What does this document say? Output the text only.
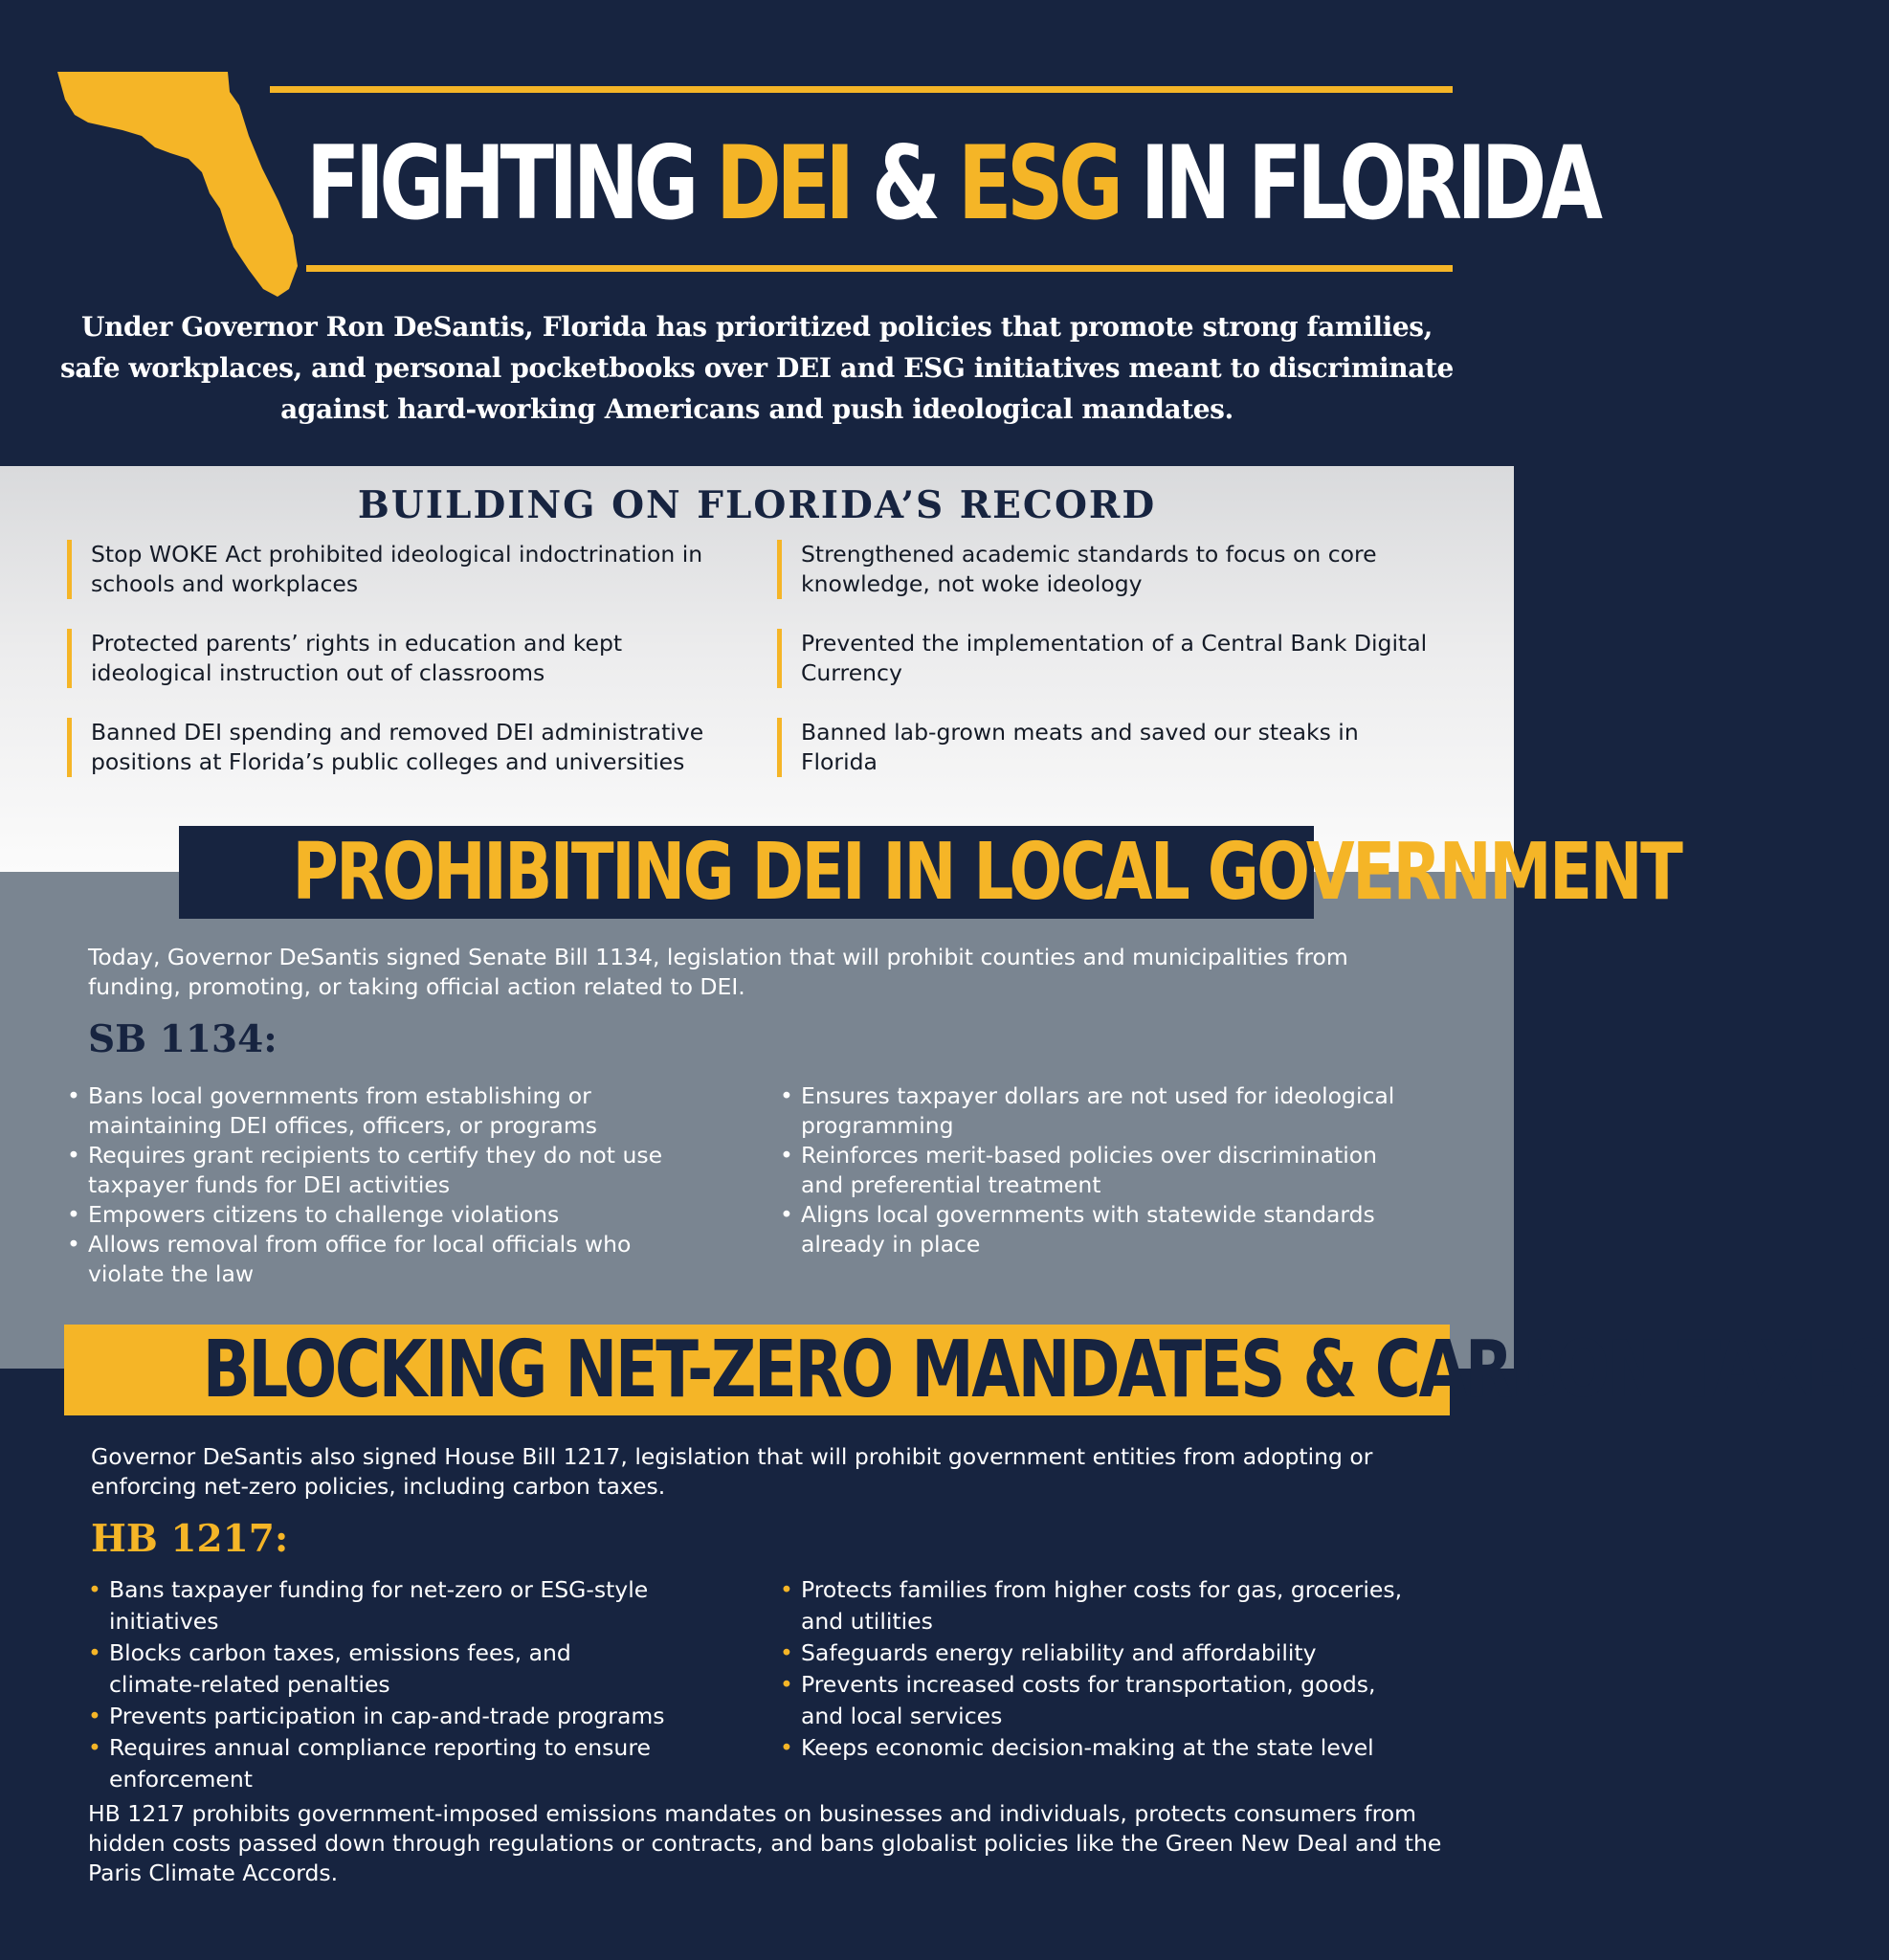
FIGHTING DEI & ESG IN FLORIDA
Under Governor Ron DeSantis, Florida has prioritized policies that promote strong families, safe workplaces, and personal pocketbooks over DEI and ESG initiatives meant to discriminate against hard-working Americans and push ideological mandates.
BUILDING ON FLORIDA’S RECORD
Stop WOKE Act prohibited ideological indoctrination in schools and workplaces
Strengthened academic standards to focus on core knowledge, not woke ideology
Protected parents’ rights in education and kept ideological instruction out of classrooms
Prevented the implementation of a Central Bank Digital Currency
Banned DEI spending and removed DEI administrative positions at Florida’s public colleges and universities
Banned lab-grown meats and saved our steaks in Florida
PROHIBITING DEI IN LOCAL GOVERNMENT
Today, Governor DeSantis signed Senate Bill 1134, legislation that will prohibit counties and municipalities from funding, promoting, or taking official action related to DEI.
SB 1134:
• Bans local governments from establishing or maintaining DEI offices, officers, or programs
• Requires grant recipients to certify they do not use taxpayer funds for DEI activities
• Empowers citizens to challenge violations
• Allows removal from office for local officials who violate the law
• Ensures taxpayer dollars are not used for ideological programming
• Reinforces merit-based policies over discrimination and preferential treatment
• Aligns local governments with statewide standards already in place
BLOCKING NET-ZERO MANDATES & CARBON TAXES
Governor DeSantis also signed House Bill 1217, legislation that will prohibit government entities from adopting or enforcing net-zero policies, including carbon taxes.
HB 1217:
• Bans taxpayer funding for net-zero or ESG-style initiatives
• Blocks carbon taxes, emissions fees, and climate-related penalties
• Prevents participation in cap-and-trade programs
• Requires annual compliance reporting to ensure enforcement
• Protects families from higher costs for gas, groceries, and utilities
• Safeguards energy reliability and affordability
• Prevents increased costs for transportation, goods, and local services
• Keeps economic decision-making at the state level
HB 1217 prohibits government-imposed emissions mandates on businesses and individuals, protects consumers from hidden costs passed down through regulations or contracts, and bans globalist policies like the Green New Deal and the Paris Climate Accords.
